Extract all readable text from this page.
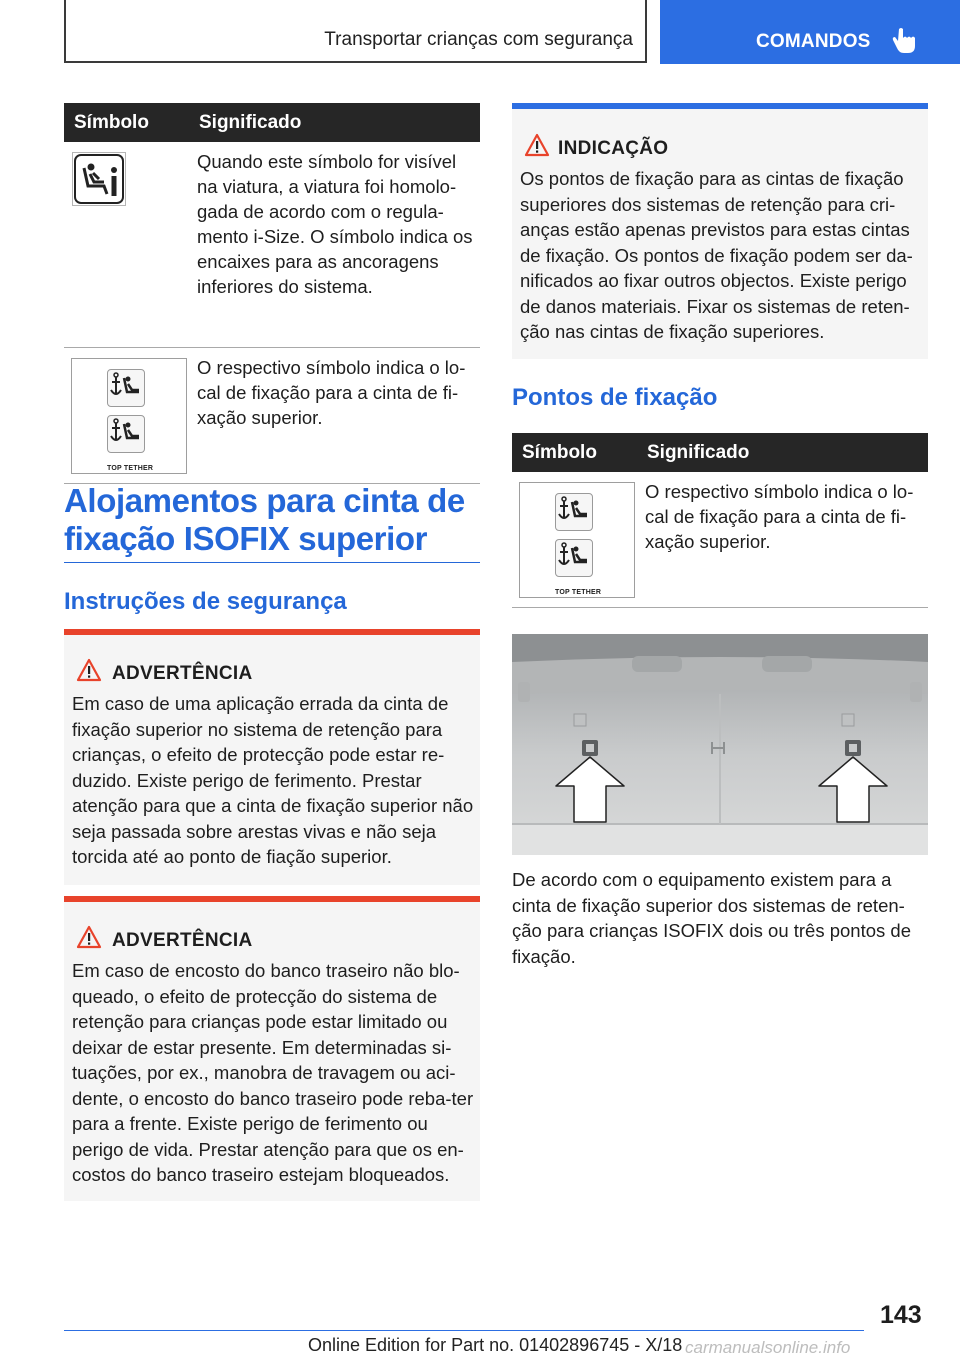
Transportar crianças com segurança	COMANDOS
Símbolo	Significado

	Quando este símbolo for visível na viatura, a viatura foi homolo-gada de acordo com o regula-mento i-Size. O símbolo indica os encaixes para as ancoragens inferiores do sistema.

TOP TETHER	O respectivo símbolo indica o lo-cal de fixação para a cinta de fi-xação superior.
Alojamentos para cinta de fixação ISOFIX superior
Instruções de segurança
ADVERTÊNCIA

Em caso de uma aplicação errada da cinta de fixação superior no sistema de retenção para crianças, o efeito de protecção pode estar re-duzido. Existe perigo de ferimento. Prestar atenção para que a cinta de fixação superior não seja passada sobre arestas vivas e não seja torcida até ao ponto de fiação superior.

ADVERTÊNCIA

Em caso de encosto do banco traseiro não blo-queado, o efeito de protecção do sistema de retenção para crianças pode estar limitado ou deixar de estar presente. Em determinadas si-tuações, por ex., manobra de travagem ou aci-dente, o encosto do banco traseiro pode reba-ter para a frente. Existe perigo de ferimento ou perigo de vida. Prestar atenção para que os en-costos do banco traseiro estejam bloqueados.

INDICAÇÃO

Os pontos de fixação para as cintas de fixação superiores dos sistemas de retenção para cri-anças estão apenas previstos para estas cintas de fixação. Os pontos de fixação podem ser da-nificados ao fixar outros objectos. Existe perigo de danos materiais. Fixar os sistemas de reten-ção nas cintas de fixação superiores.

Pontos de fixação
Símbolo	Significado

TOP TETHER	O respectivo símbolo indica o lo-cal de fixação para a cinta de fi-xação superior.

De acordo com o equipamento existem para a cinta de fixação superior dos sistemas de reten-ção para crianças ISOFIX dois ou três pontos de fixação.

143
Online Edition for Part no. 01402896745 - X/18 carmanualsonline.info
